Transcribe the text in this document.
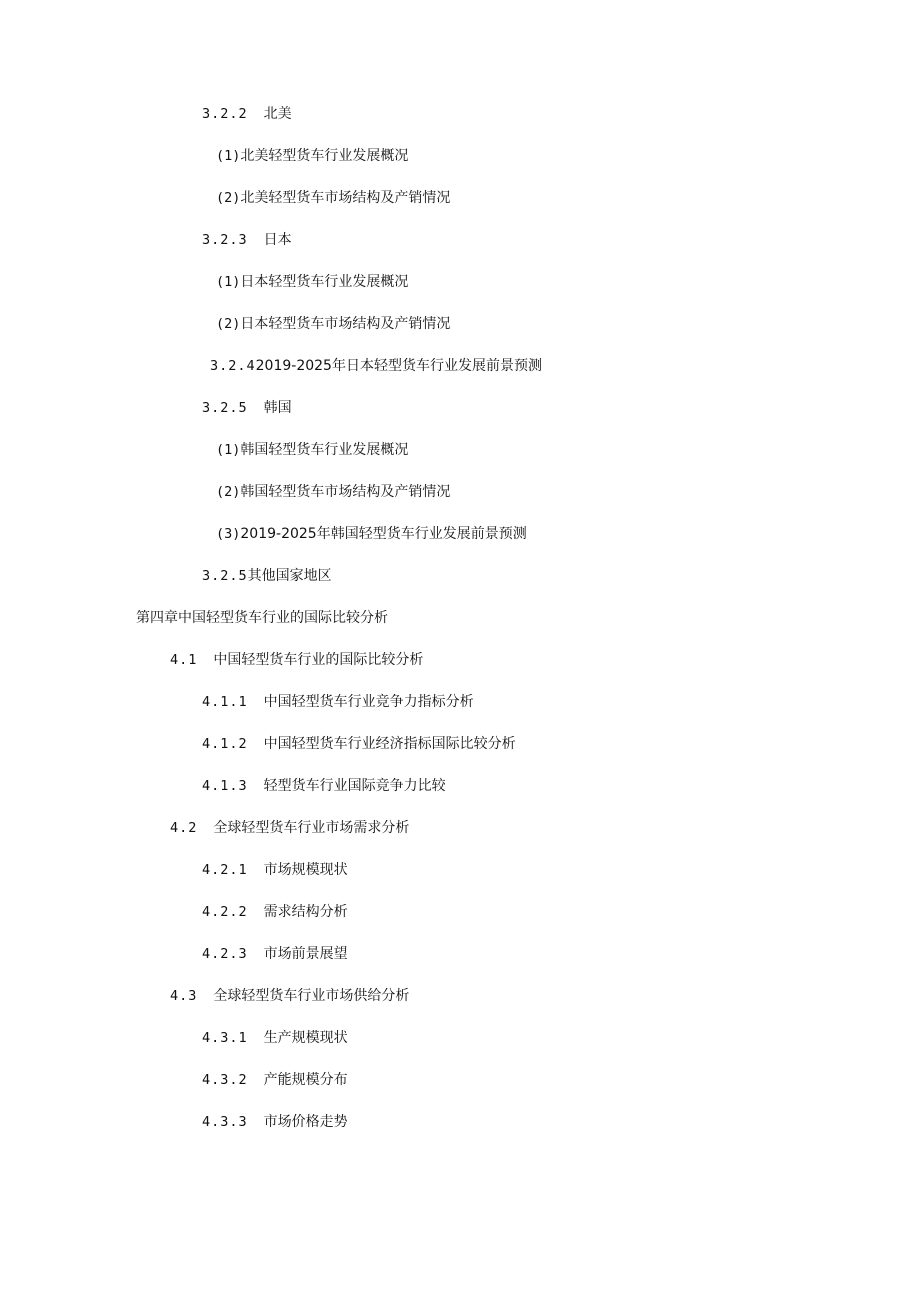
3.2.2 北美
(1)北美轻型货车行业发展概况
(2)北美轻型货车市场结构及产销情况
3.2.3 日本
(1)日本轻型货车行业发展概况
(2)日本轻型货车市场结构及产销情况
3.2.42019-2025年日本轻型货车行业发展前景预测
3.2.5 韩国
(1)韩国轻型货车行业发展概况
(2)韩国轻型货车市场结构及产销情况
(3)2019-2025年韩国轻型货车行业发展前景预测
3.2.5其他国家地区
第四章中国轻型货车行业的国际比较分析
4.1 中国轻型货车行业的国际比较分析
4.1.1 中国轻型货车行业竞争力指标分析
4.1.2 中国轻型货车行业经济指标国际比较分析
4.1.3 轻型货车行业国际竞争力比较
4.2 全球轻型货车行业市场需求分析
4.2.1 市场规模现状
4.2.2 需求结构分析
4.2.3 市场前景展望
4.3 全球轻型货车行业市场供给分析
4.3.1 生产规模现状
4.3.2 产能规模分布
4.3.3 市场价格走势
